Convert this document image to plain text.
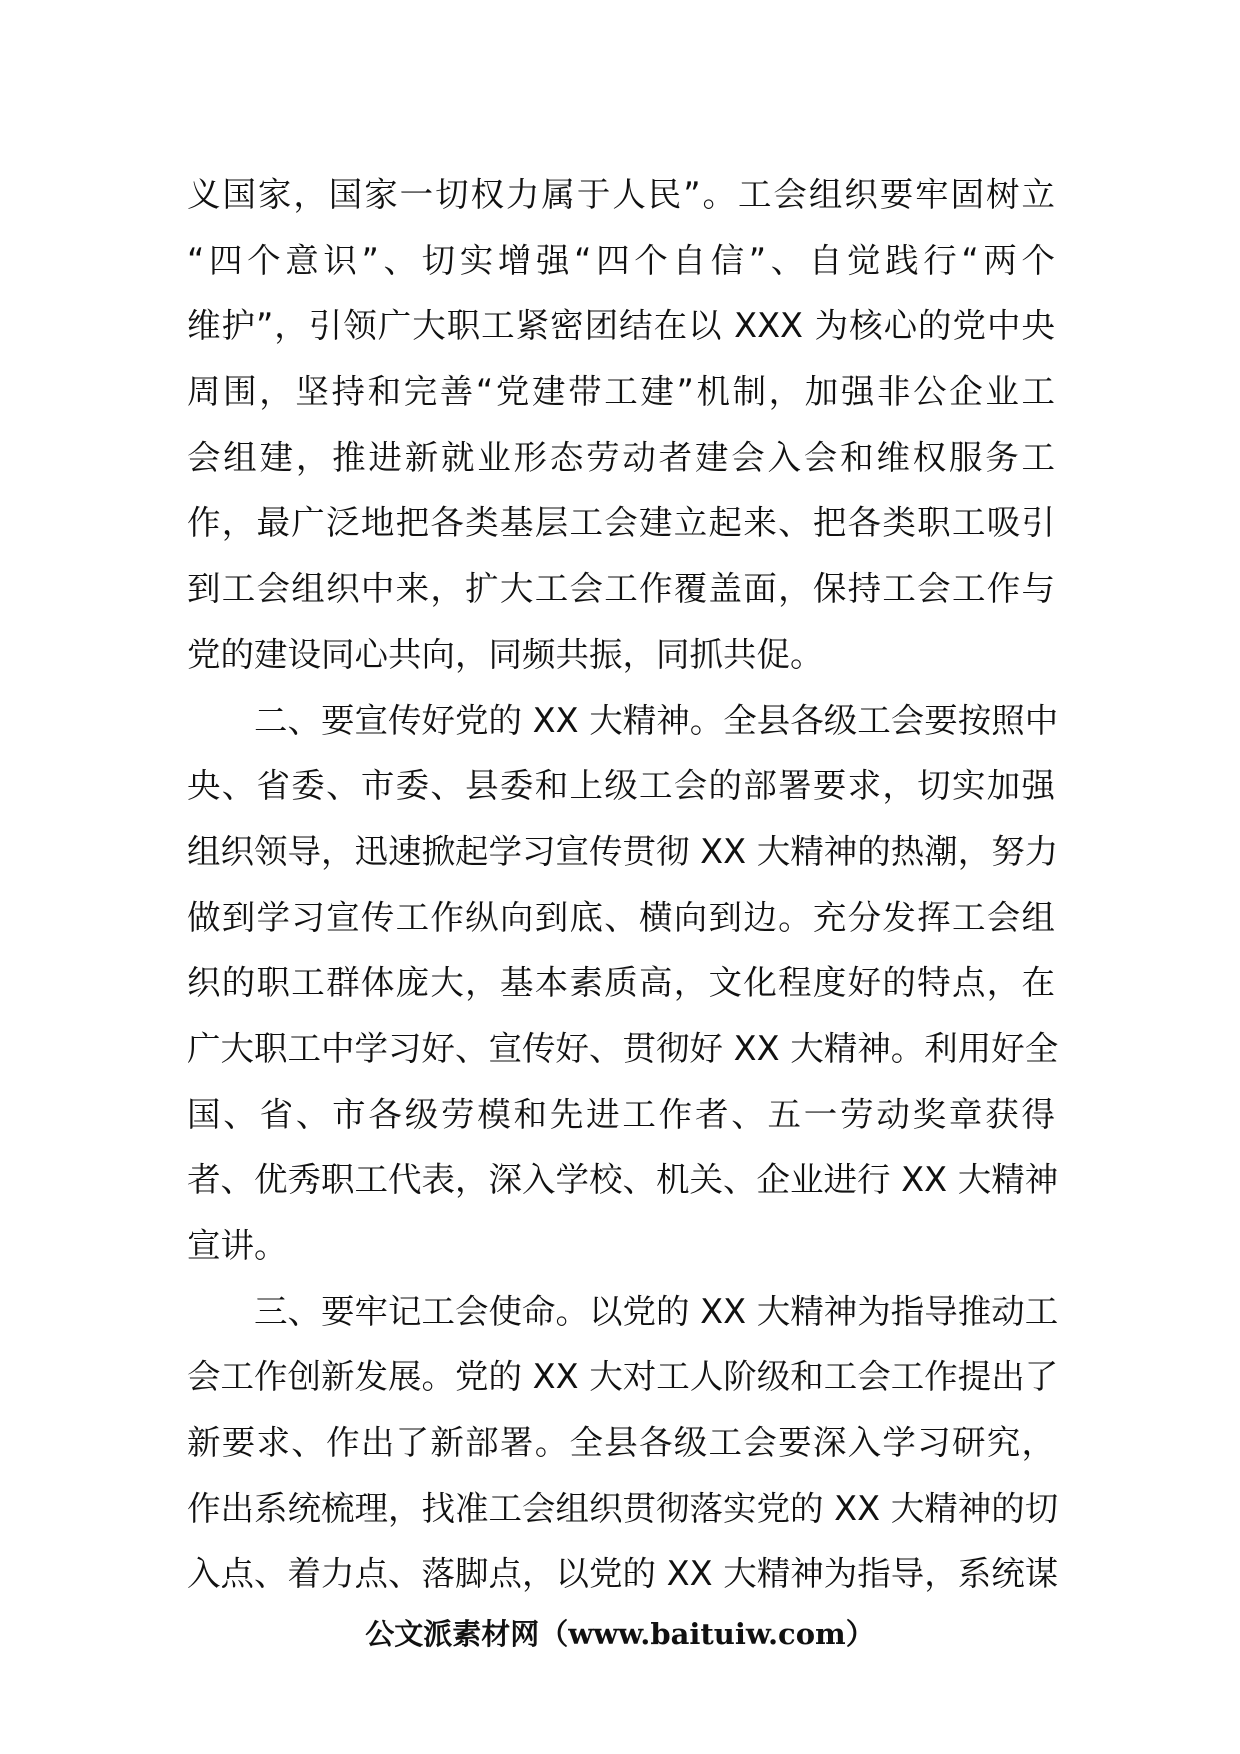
义国家，国家一切权力属于人民”。工会组织要牢固树立
“四个意识”、切实增强“四个自信”、自觉践行“两个
维护”，引领广大职工紧密团结在以 XXX 为核心的党中央
周围，坚持和完善“党建带工建”机制，加强非公企业工
会组建，推进新就业形态劳动者建会入会和维权服务工
作，最广泛地把各类基层工会建立起来、把各类职工吸引
到工会组织中来，扩大工会工作覆盖面，保持工会工作与
党的建设同心共向，同频共振，同抓共促。
二、要宣传好党的 XX 大精神。全县各级工会要按照中
央、省委、市委、县委和上级工会的部署要求，切实加强
组织领导，迅速掀起学习宣传贯彻 XX 大精神的热潮，努力
做到学习宣传工作纵向到底、横向到边。充分发挥工会组
织的职工群体庞大，基本素质高，文化程度好的特点，在
广大职工中学习好、宣传好、贯彻好 XX 大精神。利用好全
国、省、市各级劳模和先进工作者、五一劳动奖章获得
者、优秀职工代表，深入学校、机关、企业进行 XX 大精神
宣讲。
三、要牢记工会使命。以党的 XX 大精神为指导推动工
会工作创新发展。党的 XX 大对工人阶级和工会工作提出了
新要求、作出了新部署。全县各级工会要深入学习研究，
作出系统梳理，找准工会组织贯彻落实党的 XX 大精神的切
入点、着力点、落脚点，以党的 XX 大精神为指导，系统谋
公文派素材网（www.baituiw.com）
